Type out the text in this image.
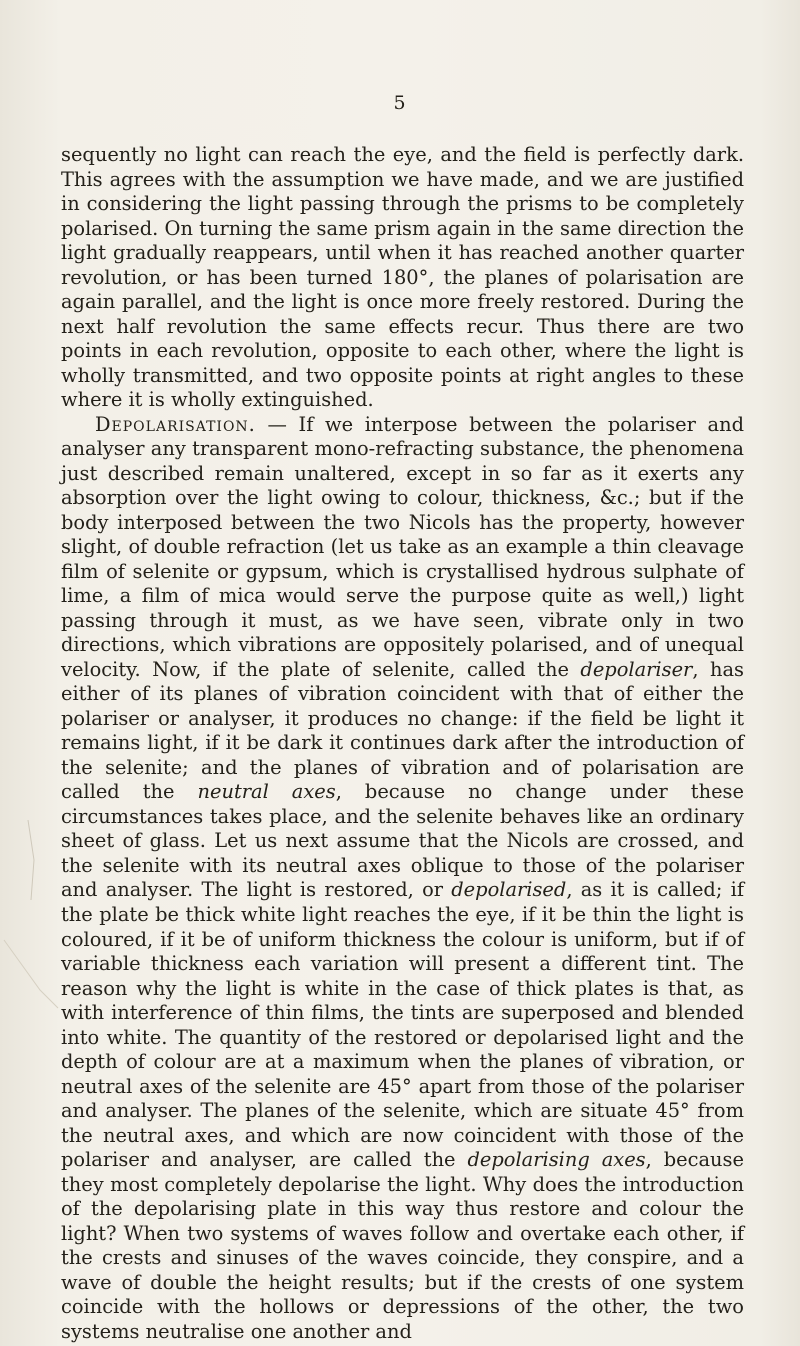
5

sequently no light can reach the eye, and the field is perfectly dark. This agrees with the assumption we have made, and we are justified in considering the light passing through the prisms to be completely polarised. On turning the same prism again in the same direction the light gradually reappears, until when it has reached another quarter revolution, or has been turned 180°, the planes of polarisation are again parallel, and the light is once more freely restored. During the next half revolution the same effects recur. Thus there are two points in each revolution, opposite to each other, where the light is wholly transmitted, and two opposite points at right angles to these where it is wholly extinguished.

Depolarisation. — If we interpose between the polariser and analyser any transparent mono-refracting substance, the phenomena just described remain unaltered, except in so far as it exerts any absorption over the light owing to colour, thickness, &c.; but if the body interposed between the two Nicols has the property, however slight, of double refraction (let us take as an example a thin cleavage film of selenite or gypsum, which is crystallised hydrous sulphate of lime, a film of mica would serve the purpose quite as well,) light passing through it must, as we have seen, vibrate only in two directions, which vibrations are oppositely polarised, and of unequal velocity. Now, if the plate of selenite, called the depolariser, has either of its planes of vibration coincident with that of either the polariser or analyser, it produces no change: if the field be light it remains light, if it be dark it continues dark after the introduction of the selenite; and the planes of vibration and of polarisation are called the neutral axes, because no change under these circumstances takes place, and the selenite behaves like an ordinary sheet of glass. Let us next assume that the Nicols are crossed, and the selenite with its neutral axes oblique to those of the polariser and analyser. The light is restored, or depolarised, as it is called; if the plate be thick white light reaches the eye, if it be thin the light is coloured, if it be of uniform thickness the colour is uniform, but if of variable thickness each variation will present a different tint. The reason why the light is white in the case of thick plates is that, as with interference of thin films, the tints are superposed and blended into white. The quantity of the restored or depolarised light and the depth of colour are at a maximum when the planes of vibration, or neutral axes of the selenite are 45° apart from those of the polariser and analyser. The planes of the selenite, which are situate 45° from the neutral axes, and which are now coincident with those of the polariser and analyser, are called the depolarising axes, because they most completely depolarise the light. Why does the introduction of the depolarising plate in this way thus restore and colour the light? When two systems of waves follow and overtake each other, if the crests and sinuses of the waves coincide, they conspire, and a wave of double the height results; but if the crests of one system coincide with the hollows or depressions of the other, the two systems neutralise one another and
